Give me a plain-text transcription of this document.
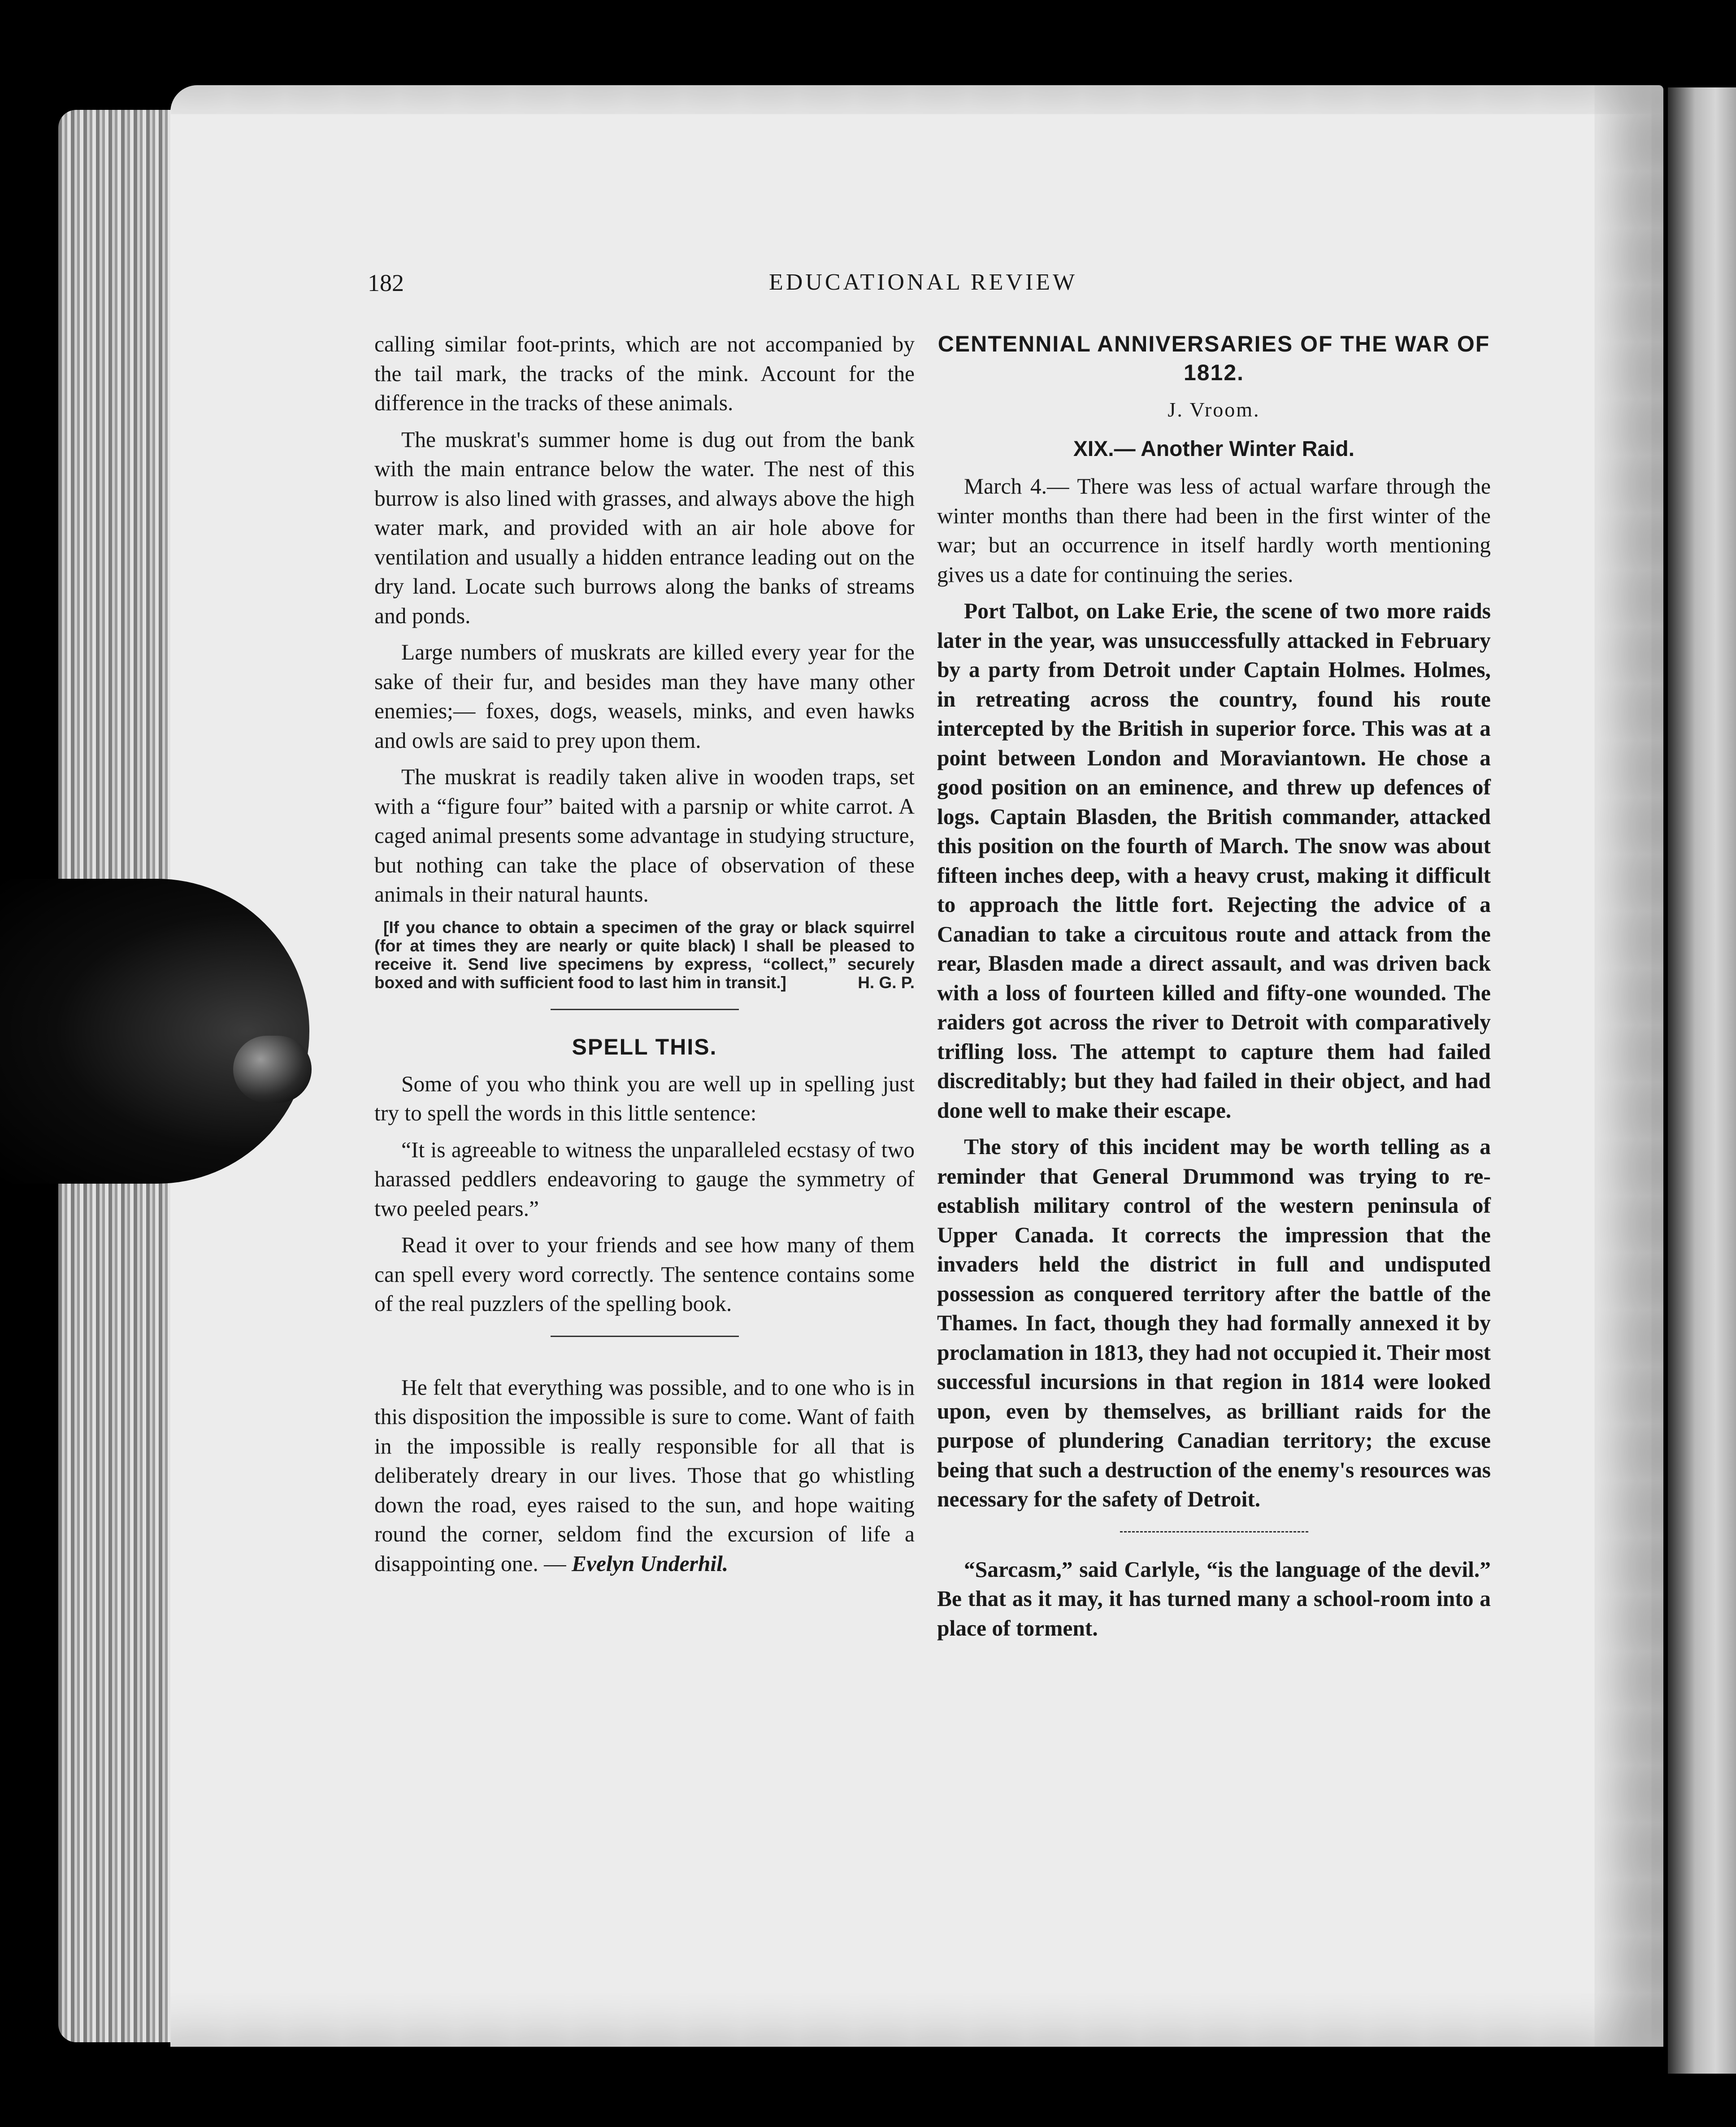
182	EDUCATIONAL REVIEW

calling similar foot-prints, which are not accompanied by the tail mark, the tracks of the mink. Account for the difference in the tracks of these animals.

The muskrat's summer home is dug out from the bank with the main entrance below the water. The nest of this burrow is also lined with grasses, and always above the high water mark, and provided with an air hole above for ventilation and usually a hidden entrance leading out on the dry land. Locate such burrows along the banks of streams and ponds.

Large numbers of muskrats are killed every year for the sake of their fur, and besides man they have many other enemies;— foxes, dogs, weasels, minks, and even hawks and owls are said to prey upon them.

The muskrat is readily taken alive in wooden traps, set with a “figure four” baited with a parsnip or white carrot. A caged animal presents some advantage in studying structure, but nothing can take the place of observation of these animals in their natural haunts.

[If you chance to obtain a specimen of the gray or black squirrel (for at times they are nearly or quite black) I shall be pleased to receive it. Send live specimens by express, “collect,” securely boxed and with sufficient food to last him in transit.]	H. G. P.

SPELL THIS.

Some of you who think you are well up in spelling just try to spell the words in this little sentence:

“It is agreeable to witness the unparalleled ecstasy of two harassed peddlers endeavoring to gauge the symmetry of two peeled pears.”

Read it over to your friends and see how many of them can spell every word correctly. The sentence contains some of the real puzzlers of the spelling book.

He felt that everything was possible, and to one who is in this disposition the impossible is sure to come. Want of faith in the impossible is really responsible for all that is deliberately dreary in our lives. Those that go whistling down the road, eyes raised to the sun, and hope waiting round the corner, seldom find the excursion of life a disappointing one. — Evelyn Underhil.

CENTENNIAL ANNIVERSARIES OF THE WAR OF 1812.
J. Vroom.
XIX.— Another Winter Raid.

March 4.— There was less of actual warfare through the winter months than there had been in the first winter of the war; but an occurrence in itself hardly worth mentioning gives us a date for continuing the series.

Port Talbot, on Lake Erie, the scene of two more raids later in the year, was unsuccessfully attacked in February by a party from Detroit under Captain Holmes. Holmes, in retreating across the country, found his route intercepted by the British in superior force. This was at a point between London and Moraviantown. He chose a good position on an eminence, and threw up defences of logs. Captain Blasden, the British commander, attacked this position on the fourth of March. The snow was about fifteen inches deep, with a heavy crust, making it difficult to approach the little fort. Rejecting the advice of a Canadian to take a circuitous route and attack from the rear, Blasden made a direct assault, and was driven back with a loss of fourteen killed and fifty-one wounded. The raiders got across the river to Detroit with comparatively trifling loss. The attempt to capture them had failed discreditably; but they had failed in their object, and had done well to make their escape.

The story of this incident may be worth telling as a reminder that General Drummond was trying to re-establish military control of the western peninsula of Upper Canada. It corrects the impression that the invaders held the district in full and undisputed possession as conquered territory after the battle of the Thames. In fact, though they had formally annexed it by proclamation in 1813, they had not occupied it. Their most successful incursions in that region in 1814 were looked upon, even by themselves, as brilliant raids for the purpose of plundering Canadian territory; the excuse being that such a destruction of the enemy's resources was necessary for the safety of Detroit.

“Sarcasm,” said Carlyle, “is the language of the devil.” Be that as it may, it has turned many a school-room into a place of torment.
